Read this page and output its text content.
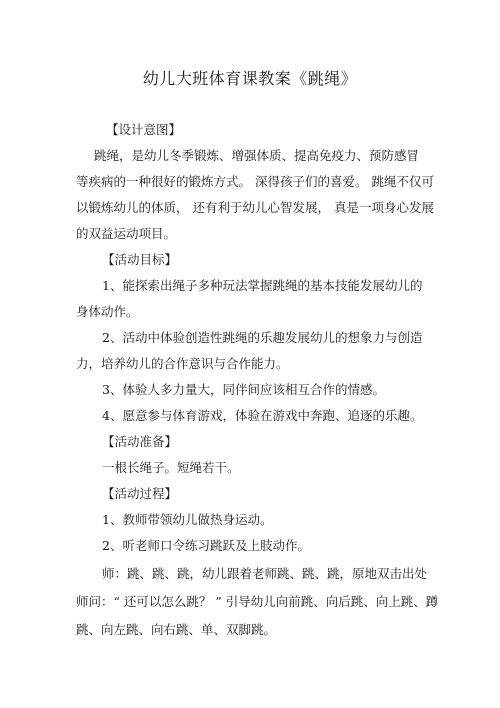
幼儿大班体育课教案《跳绳》
【设计意图】
跳绳，是幼儿冬季锻炼、增强体质、提高免疫力、预防感冒
等疾病的一种很好的锻炼方式。 深得孩子们的喜爱。 跳绳不仅可
以锻炼幼儿的体质， 还有利于幼儿心智发展， 真是一项身心发展
的双益运动项目。
【活动目标】
1、能探索出绳子多种玩法掌握跳绳的基本技能发展幼儿的
身体动作。
2、活动中体验创造性跳绳的乐趣发展幼儿的想象力与创造
力，培养幼儿的合作意识与合作能力。
3、体验人多力量大，同伴间应该相互合作的情感。
4、愿意参与体育游戏，体验在游戏中奔跑、追逐的乐趣。
【活动准备】
一根长绳子。短绳若干。
【活动过程】
1、教师带领幼儿做热身运动。
2、听老师口令练习跳跃及上肢动作。
师：跳、跳、跳，幼儿跟着老师跳、跳、跳，原地双击出处
师问：“ 还可以怎么跳？ ” 引导幼儿向前跳、向后跳、向上跳、蹲
跳、向左跳、向右跳、单、双脚跳。
